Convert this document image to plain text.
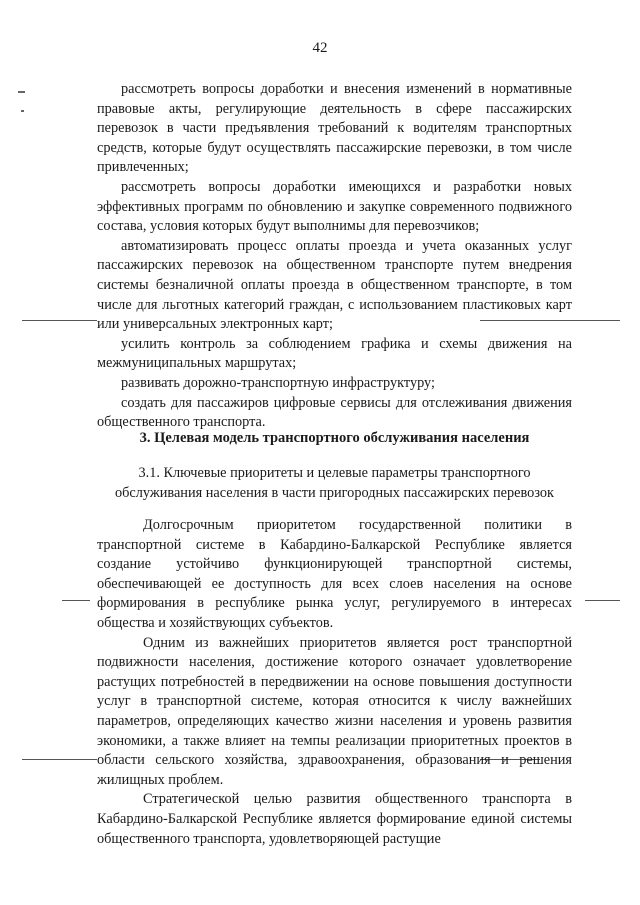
42

рассмотреть вопросы доработки и внесения изменений в нормативные правовые акты, регулирующие деятельность в сфере пассажирских перевозок в части предъявления требований к водителям транспортных средств, которые будут осуществлять пассажирские перевозки, в том числе привлеченных;

рассмотреть вопросы доработки имеющихся и разработки новых эффективных программ по обновлению и закупке современного подвижного состава, условия которых будут выполнимы для перевозчиков;

автоматизировать процесс оплаты проезда и учета оказанных услуг пассажирских перевозок на общественном транспорте путем внедрения системы безналичной оплаты проезда в общественном транспорте, в том числе для льготных категорий граждан, с использованием пластиковых карт или универсальных электронных карт;

усилить контроль за соблюдением графика и схемы движения на межмуниципальных маршрутах;

развивать дорожно-транспортную инфраструктуру;

создать для пассажиров цифровые сервисы для отслеживания движения общественного транспорта.

3. Целевая модель транспортного обслуживания населения
3.1. Ключевые приоритеты и целевые параметры транспортного
обслуживания населения в части пригородных пассажирских перевозок

Долгосрочным приоритетом государственной политики в транспортной системе в Кабардино-Балкарской Республике является создание устойчиво функционирующей транспортной системы, обеспечивающей ее доступность для всех слоев населения на основе формирования в республике рынка услуг, регулируемого в интересах общества и хозяйствующих субъектов.

Одним из важнейших приоритетов является рост транспортной подвижности населения, достижение которого означает удовлетворение растущих потребностей в передвижении на основе повышения доступности услуг в транспортной системе, которая относится к числу важнейших параметров, определяющих качество жизни населения и уровень развития экономики, а также влияет на темпы реализации приоритетных проектов в области сельского хозяйства, здравоохранения, образования и решения жилищных проблем.

Стратегической целью развития общественного транспорта в Кабардино-Балкарской Республике является формирование единой системы общественного транспорта, удовлетворяющей растущие
